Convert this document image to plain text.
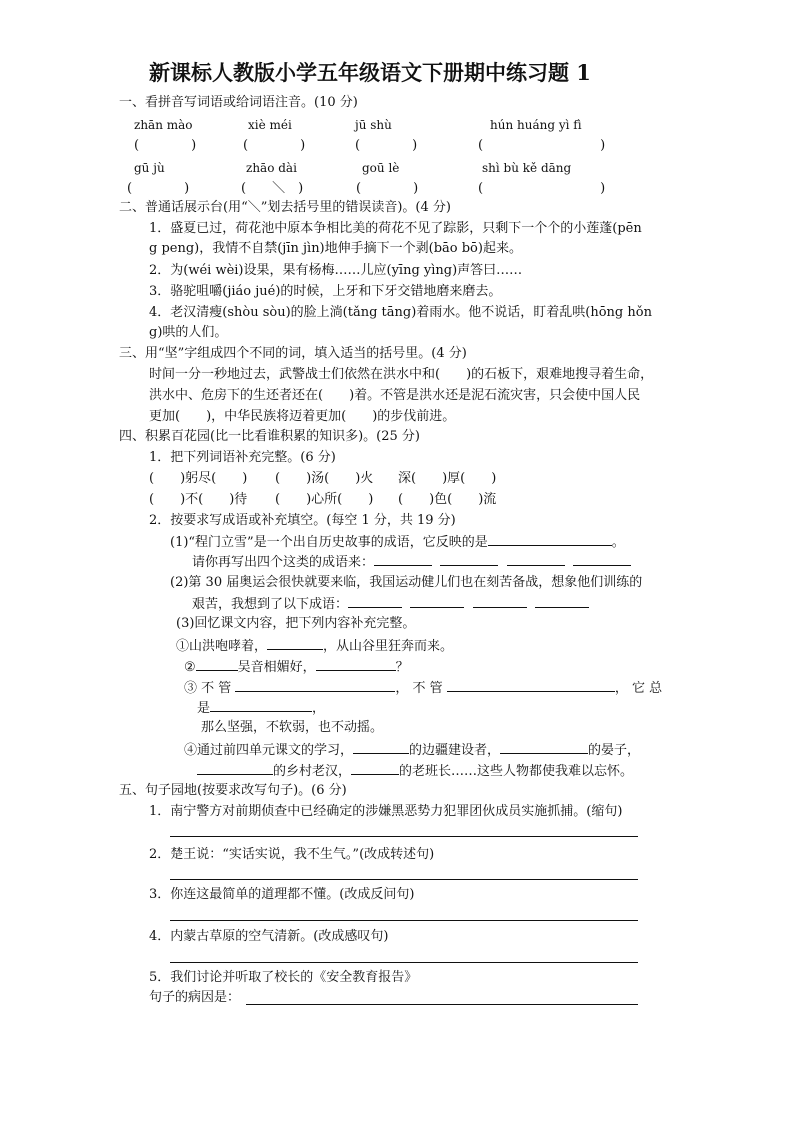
新课标人教版小学五年级语文下册期中练习题 1
一、看拼音写词语或给词语注音。(10 分)
zhān mào	xiè méi	jū shù	hún huáng yì fì
(　　　　)	(　　　　)	(　　　　)	(　　　　　　　　　)
gū jù	zhāo dài	goū lè	shì bù kě dāng
(　　　　)	(　　＼　)	(　　　　)	(　　　　　　　　　)
二、普通话展示台(用“＼”划去括号里的错误读音)。(4 分)
1．盛夏已过，荷花池中原本争相比美的荷花不见了踪影，只剩下一个个的小莲蓬(pēn
g peng)，我情不自禁(jīn jìn)地伸手摘下一个剥(bāo bō)起来。
2．为(wéi wèi)设果，果有杨梅……儿应(yīng yìng)声答曰……
3．骆驼咀嚼(jiáo jué)的时候，上牙和下牙交错地磨来磨去。
4．老汉清瘦(shòu sòu)的脸上淌(tǎng tāng)着雨水。他不说话，盯着乱哄(hōng hǒn
g)哄的人们。
三、用“坚”字组成四个不同的词，填入适当的括号里。(4 分)
时间一分一秒地过去，武警战士们依然在洪水中和(　　)的石板下，艰难地搜寻着生命，
洪水中、危房下的生还者还在(　　)着。不管是洪水还是泥石流灾害，只会使中国人民
更加(　　)，中华民族将迈着更加(　　)的步伐前进。
四、积累百花园(比一比看谁积累的知识多)。(25 分)
1．把下列词语补充完整。(6 分)
(　　)躬尽(　　) (　　)汤(　　)火 深(　　)厚(　　)
(　　)不(　　)待 (　　)心所(　　) (　　)色(　　)流
2．按要求写成语或补充填空。(每空 1 分，共 19 分)
(1)“程门立雪”是一个出自历史故事的成语，它反映的是	。
请你再写出四个这类的成语来：
(2)第 30 届奥运会很快就要来临，我国运动健儿们也在刻苦备战，想象他们训练的
艰苦，我想到了以下成语：
(3)回忆课文内容，把下列内容补充完整。
①山洪咆哮着，	，从山谷里狂奔而来。
②	吴音相媚好，	？
③ 不 管	， 不 管	， 它 总
是	，
那么坚强，不软弱，也不动摇。
④通过前四单元课文的学习，	的边疆建设者，	的晏子，
的乡村老汉，	的老班长……这些人物都使我难以忘怀。
五、句子园地(按要求改写句子)。(6 分)
1．南宁警方对前期侦查中已经确定的涉嫌黑恶势力犯罪团伙成员实施抓捕。(缩句)
2．楚王说：“实话实说，我不生气。”(改成转述句)
3．你连这最简单的道理都不懂。(改成反问句)
4．内蒙古草原的空气清新。(改成感叹句)
5．我们讨论并听取了校长的《安全教育报告》
句子的病因是：
